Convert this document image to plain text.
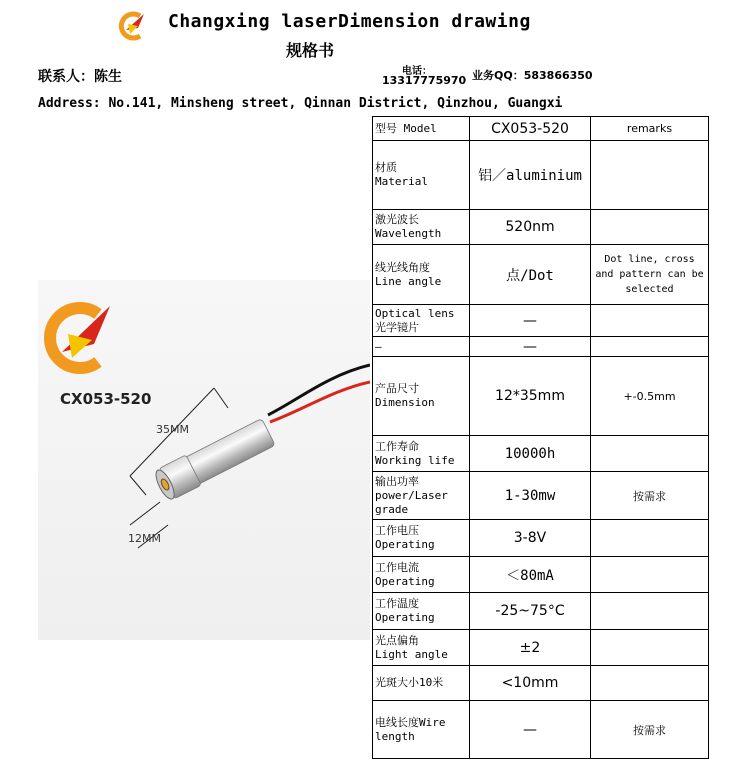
Changxing laserDimension drawing
规格书
联系人：陈生	电话：
13317775970 业务QQ：583866350
Address: No.141, Minsheng street, Qinnan District, Qinzhou, Guangxi
CX053-520
35MM
12MM
型号 Model	CX053-520	remarks

材质
Material	铝／aluminium	

激光波长
Wavelength	520nm	

线光线角度
Line angle	点/Dot	Dot line, cross and pattern can be selected

Optical lens
光学镜片	—	
—	—	

产品尺寸
Dimension	12*35mm	+-0.5mm

工作寿命
Working life	10000h	

输出功率
power/Laser grade	1-30mw	按需求

工作电压
Operating	3-8V	

工作电流
Operating	＜80mA	

工作温度
Operating	-25~75°C	

光点偏角
Light angle	±2	
光斑大小10米	<10mm	

电线长度Wire
length	—	按需求
